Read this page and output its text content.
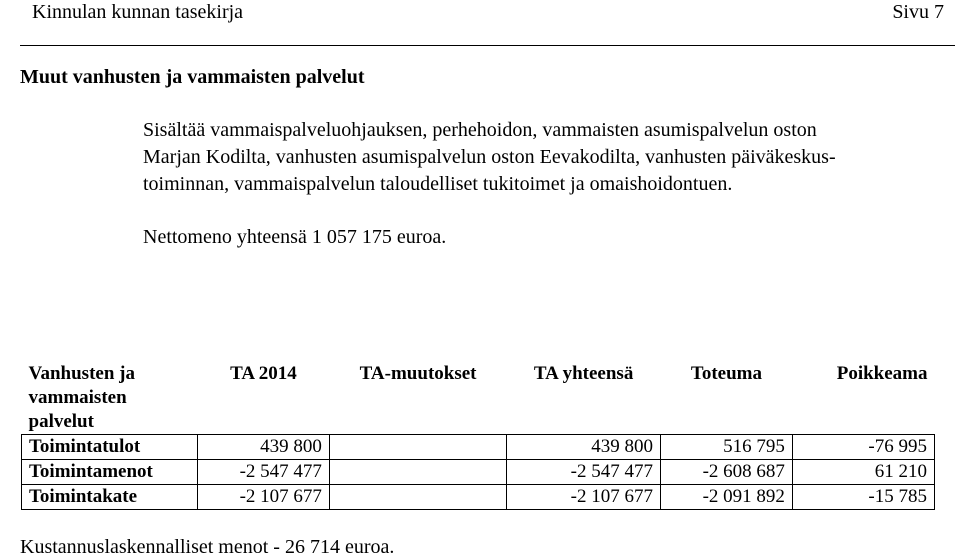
Kinnulan kunnan tasekirja	Sivu 7
Muut vanhusten ja vammaisten palvelut
Sisältää vammaispalveluohjauksen, perhehoidon, vammaisten asumispalvelun oston
Marjan Kodilta, vanhusten asumispalvelun oston Eevakodilta, vanhusten päiväkeskus-
toiminnan, vammaispalvelun taloudelliset tukitoimet ja omaishoidontuen.
Nettomeno yhteensä 1 057 175 euroa.
Vanhusten ja vammaisten palvelut	TA 2014	TA-muutokset	TA yhteensä	Toteuma	Poikkeama
Toimintatulot	439 800		439 800	516 795	-76 995
Toimintamenot	-2 547 477		-2 547 477	-2 608 687	61 210
Toimintakate	-2 107 677		-2 107 677	-2 091 892	-15 785
Kustannuslaskennalliset menot - 26 714 euroa.
